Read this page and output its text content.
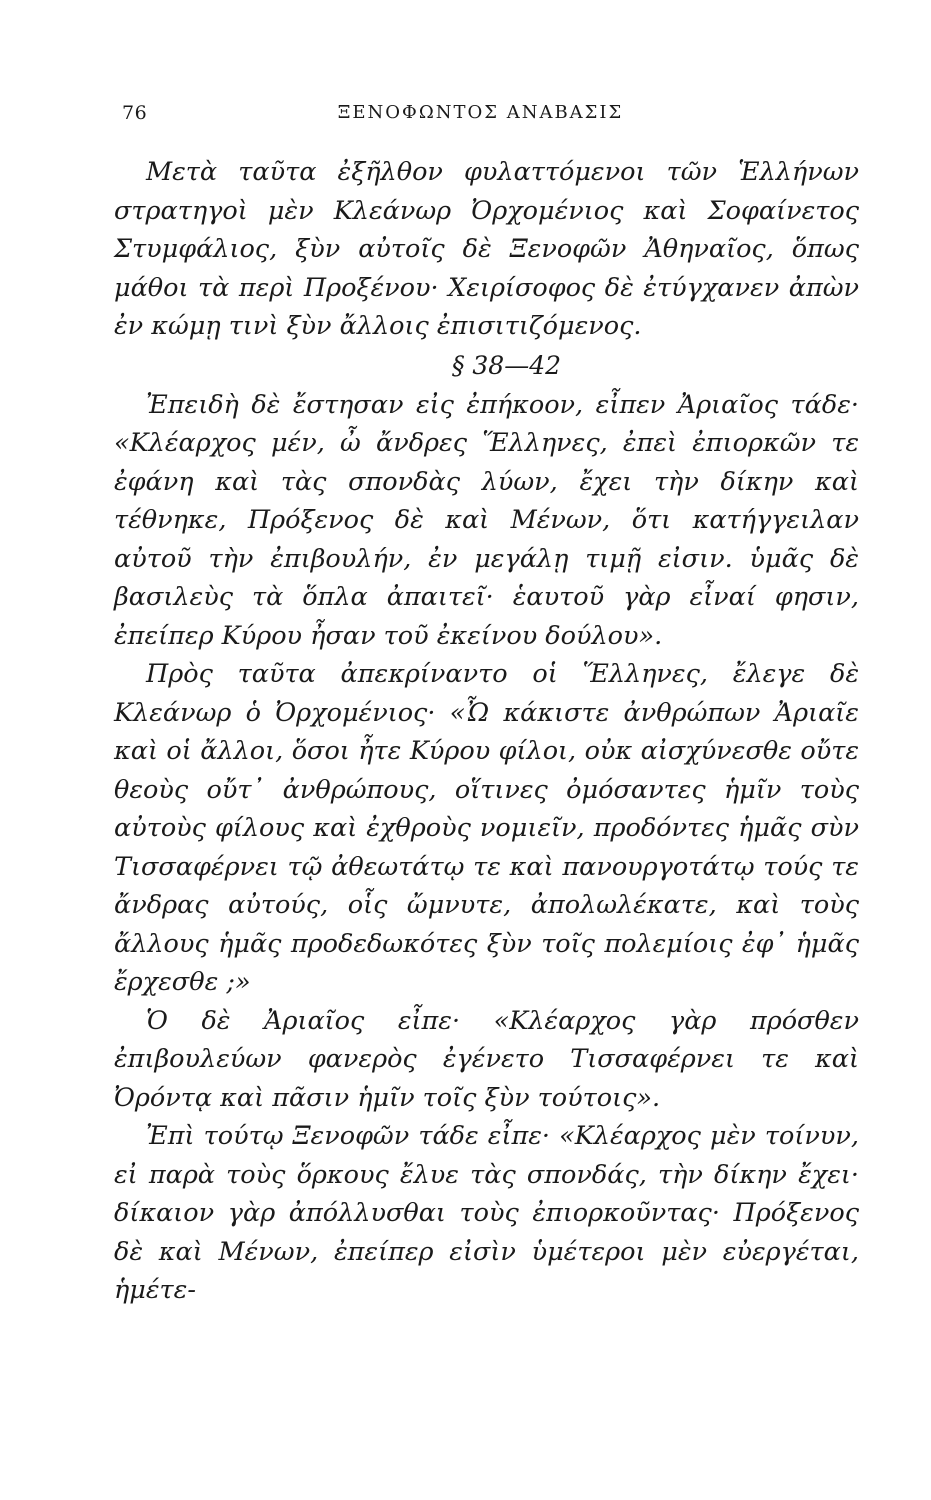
76	ΞΕΝΟΦΩΝΤΟΣ ΑΝΑΒΑΣΙΣ

Μετὰ ταῦτα ἐξῆλθον φυλαττόμενοι τῶν Ἑλλήνων στρατηγοὶ μὲν Κλεάνωρ Ὀρχομένιος καὶ Σοφαίνετος Στυμφάλιος, ξὺν αὐτοῖς δὲ Ξενοφῶν Ἀθηναῖος, ὅπως μάθοι τὰ περὶ Προξένου· Χειρίσοφος δὲ ἐτύγχανεν ἀπὼν ἐν κώμῃ τινὶ ξὺν ἄλλοις ἐπισιτιζόμενος.

§ 38—42

Ἐπειδὴ δὲ ἔστησαν εἰς ἐπήκοον, εἶπεν Ἀριαῖος τάδε· «Κλέαρχος μέν, ὦ ἄνδρες Ἕλληνες, ἐπεὶ ἐπιορκῶν τε ἐφάνη καὶ τὰς σπονδὰς λύων, ἔχει τὴν δίκην καὶ τέθνηκε, Πρόξενος δὲ καὶ Μένων, ὅτι κατήγγειλαν αὐτοῦ τὴν ἐπιβουλήν, ἐν μεγάλῃ τιμῇ εἰσιν. ὑμᾶς δὲ βασιλεὺς τὰ ὅπλα ἀπαιτεῖ· ἑαυτοῦ γὰρ εἶναί φησιν, ἐπείπερ Κύρου ἦσαν τοῦ ἐκείνου δούλου».

Πρὸς ταῦτα ἀπεκρίναντο οἱ Ἕλληνες, ἔλεγε δὲ Κλεάνωρ ὁ Ὀρχομένιος· «Ὦ κάκιστε ἀνθρώπων Ἀριαῖε καὶ οἱ ἄλλοι, ὅσοι ἦτε Κύρου φίλοι, οὐκ αἰσχύνεσθε οὔτε θεοὺς οὔτ᾽ ἀνθρώπους, οἵτινες ὀμόσαντες ἡμῖν τοὺς αὐτοὺς φίλους καὶ ἐχθροὺς νομιεῖν, προδόντες ἡμᾶς σὺν Τισσαφέρνει τῷ ἀθεωτάτῳ τε καὶ πανουργοτάτῳ τούς τε ἄνδρας αὐτούς, οἷς ὤμνυτε, ἀπολωλέκατε, καὶ τοὺς ἄλλους ἡμᾶς προδεδωκότες ξὺν τοῖς πολεμίοις ἐφ᾽ ἡμᾶς ἔρχεσθε ;»

Ὁ δὲ Ἀριαῖος εἶπε· «Κλέαρχος γὰρ πρόσθεν ἐπιβουλεύων φανερὸς ἐγένετο Τισσαφέρνει τε καὶ Ὀρόντᾳ καὶ πᾶσιν ἡμῖν τοῖς ξὺν τούτοις».

Ἐπὶ τούτῳ Ξενοφῶν τάδε εἶπε· «Κλέαρχος μὲν τοίνυν, εἰ παρὰ τοὺς ὅρκους ἔλυε τὰς σπονδάς, τὴν δίκην ἔχει· δίκαιον γὰρ ἀπόλλυσθαι τοὺς ἐπιορκοῦντας· Πρόξενος δὲ καὶ Μένων, ἐπείπερ εἰσὶν ὑμέτεροι μὲν εὐεργέται, ἡμέτε-
